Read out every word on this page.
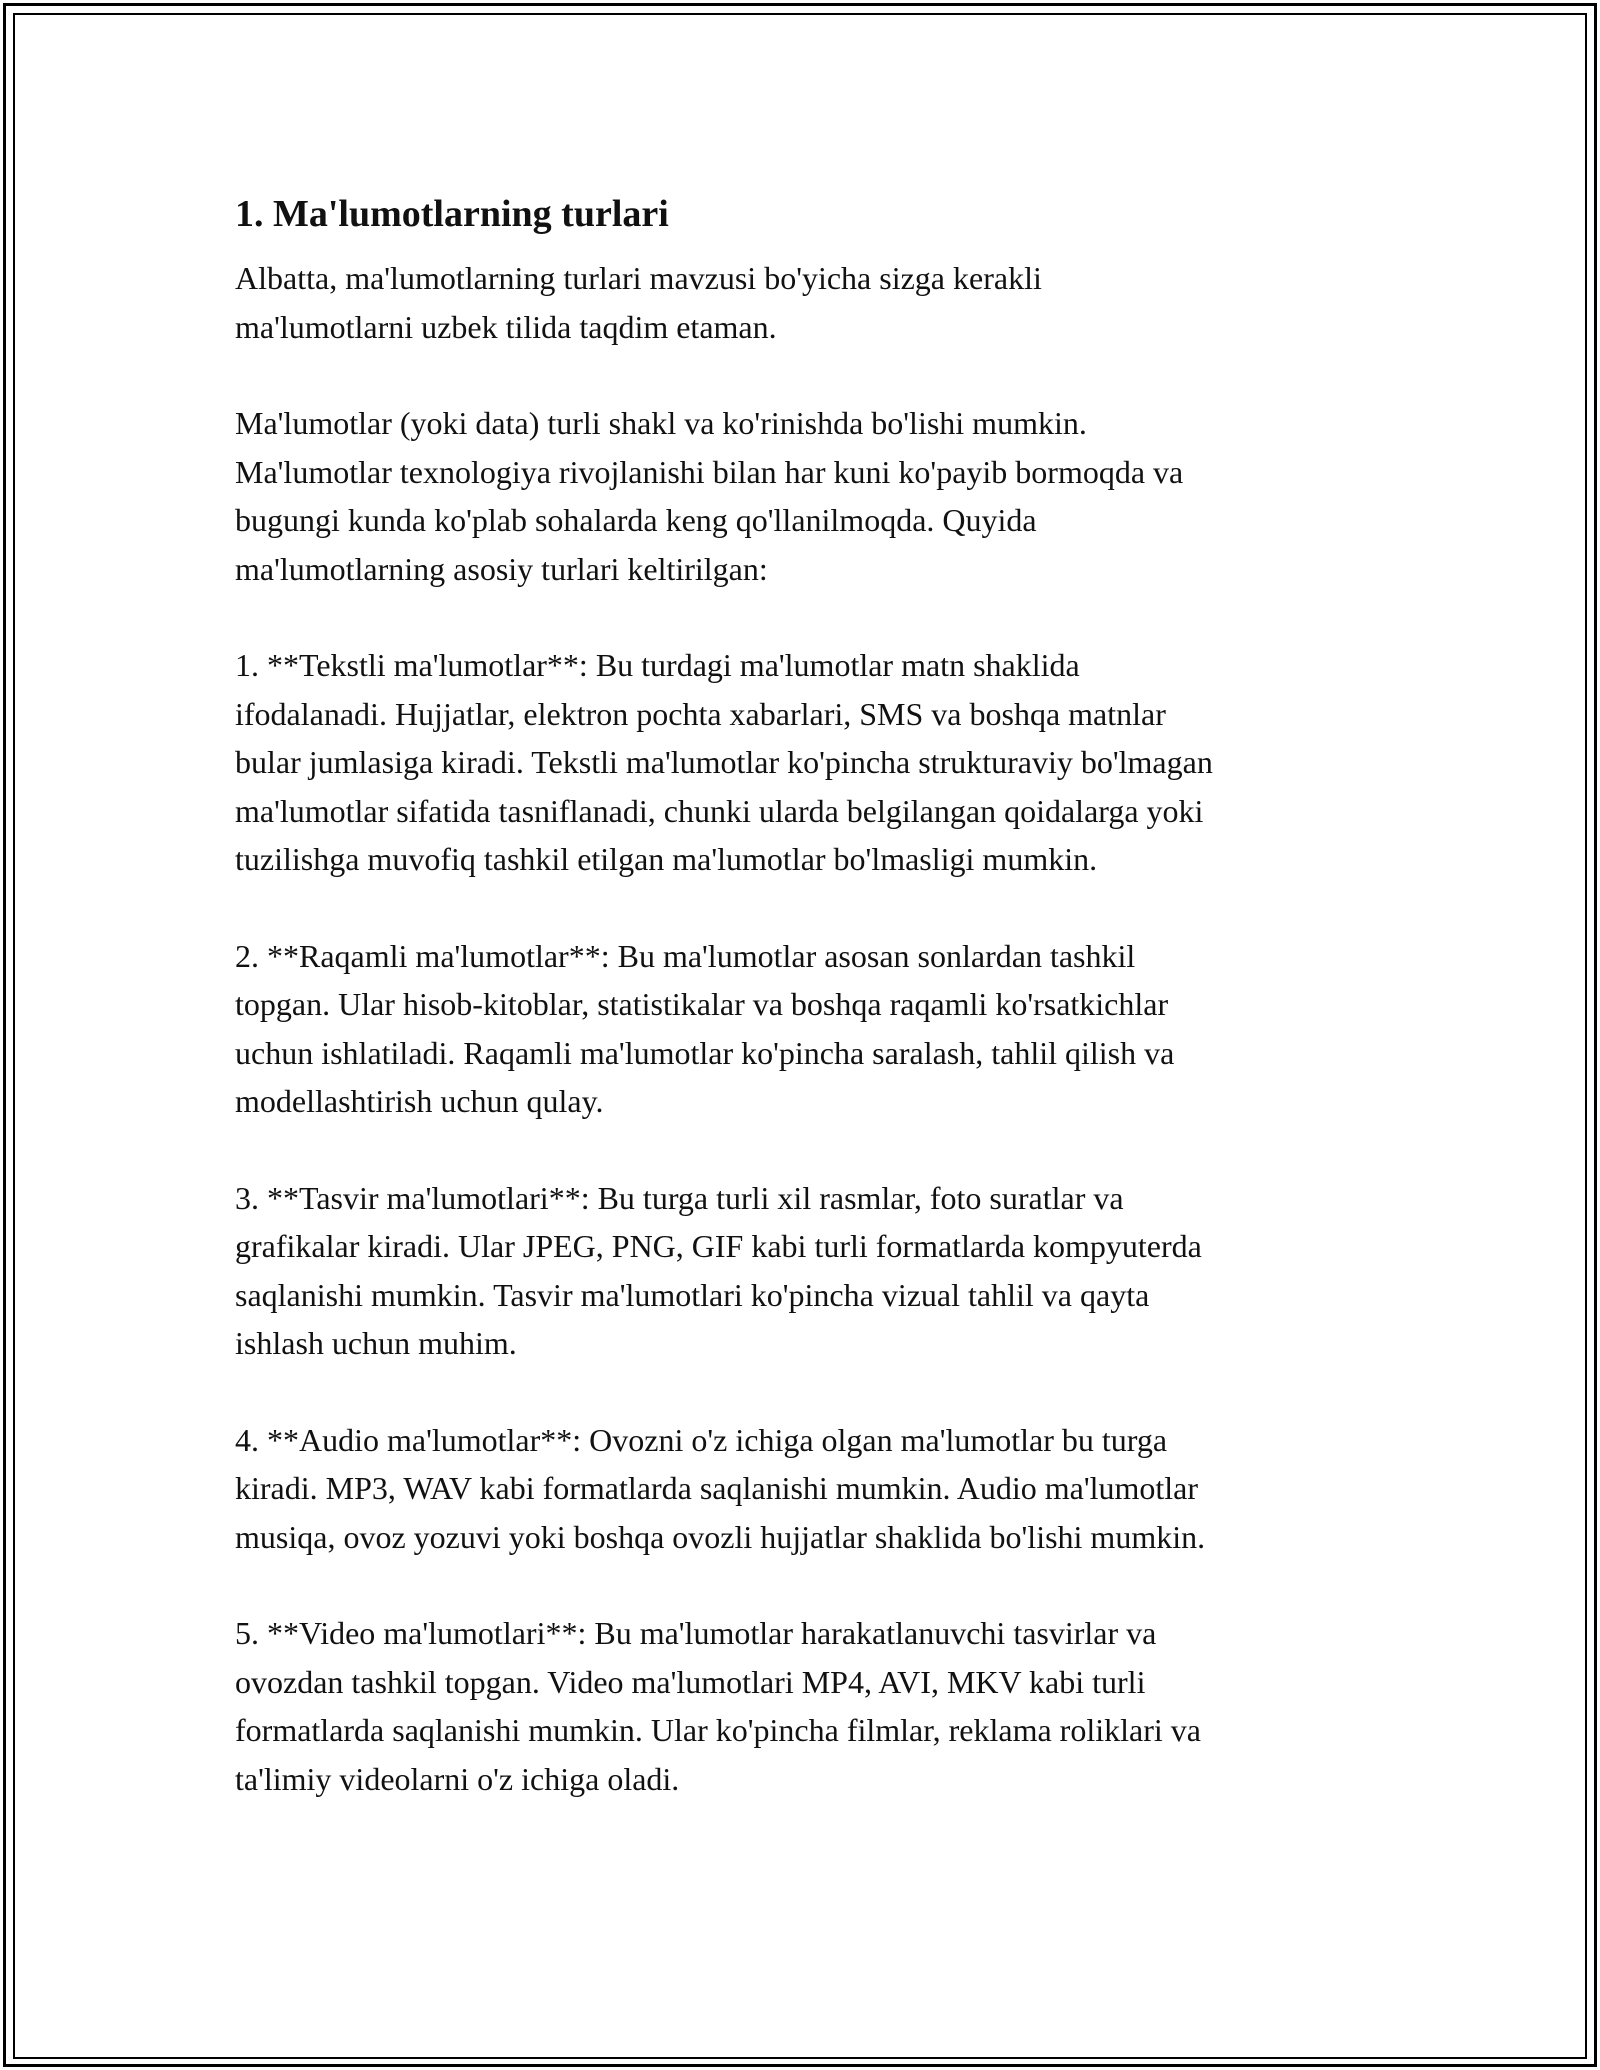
1. Ma'lumotlarning turlari

Albatta, ma'lumotlarning turlari mavzusi bo'yicha sizga kerakli
ma'lumotlarni uzbek tilida taqdim etaman.

Ma'lumotlar (yoki data) turli shakl va ko'rinishda bo'lishi mumkin.
Ma'lumotlar texnologiya rivojlanishi bilan har kuni ko'payib bormoqda va
bugungi kunda ko'plab sohalarda keng qo'llanilmoqda. Quyida
ma'lumotlarning asosiy turlari keltirilgan:

1. **Tekstli ma'lumotlar**: Bu turdagi ma'lumotlar matn shaklida
ifodalanadi. Hujjatlar, elektron pochta xabarlari, SMS va boshqa matnlar
bular jumlasiga kiradi. Tekstli ma'lumotlar ko'pincha strukturaviy bo'lmagan
ma'lumotlar sifatida tasniflanadi, chunki ularda belgilangan qoidalarga yoki
tuzilishga muvofiq tashkil etilgan ma'lumotlar bo'lmasligi mumkin.

2. **Raqamli ma'lumotlar**: Bu ma'lumotlar asosan sonlardan tashkil
topgan. Ular hisob-kitoblar, statistikalar va boshqa raqamli ko'rsatkichlar
uchun ishlatiladi. Raqamli ma'lumotlar ko'pincha saralash, tahlil qilish va
modellashtirish uchun qulay.

3. **Tasvir ma'lumotlari**: Bu turga turli xil rasmlar, foto suratlar va
grafikalar kiradi. Ular JPEG, PNG, GIF kabi turli formatlarda kompyuterda
saqlanishi mumkin. Tasvir ma'lumotlari ko'pincha vizual tahlil va qayta
ishlash uchun muhim.

4. **Audio ma'lumotlar**: Ovozni o'z ichiga olgan ma'lumotlar bu turga
kiradi. MP3, WAV kabi formatlarda saqlanishi mumkin. Audio ma'lumotlar
musiqa, ovoz yozuvi yoki boshqa ovozli hujjatlar shaklida bo'lishi mumkin.

5. **Video ma'lumotlari**: Bu ma'lumotlar harakatlanuvchi tasvirlar va
ovozdan tashkil topgan. Video ma'lumotlari MP4, AVI, MKV kabi turli
formatlarda saqlanishi mumkin. Ular ko'pincha filmlar, reklama roliklari va
ta'limiy videolarni o'z ichiga oladi.
